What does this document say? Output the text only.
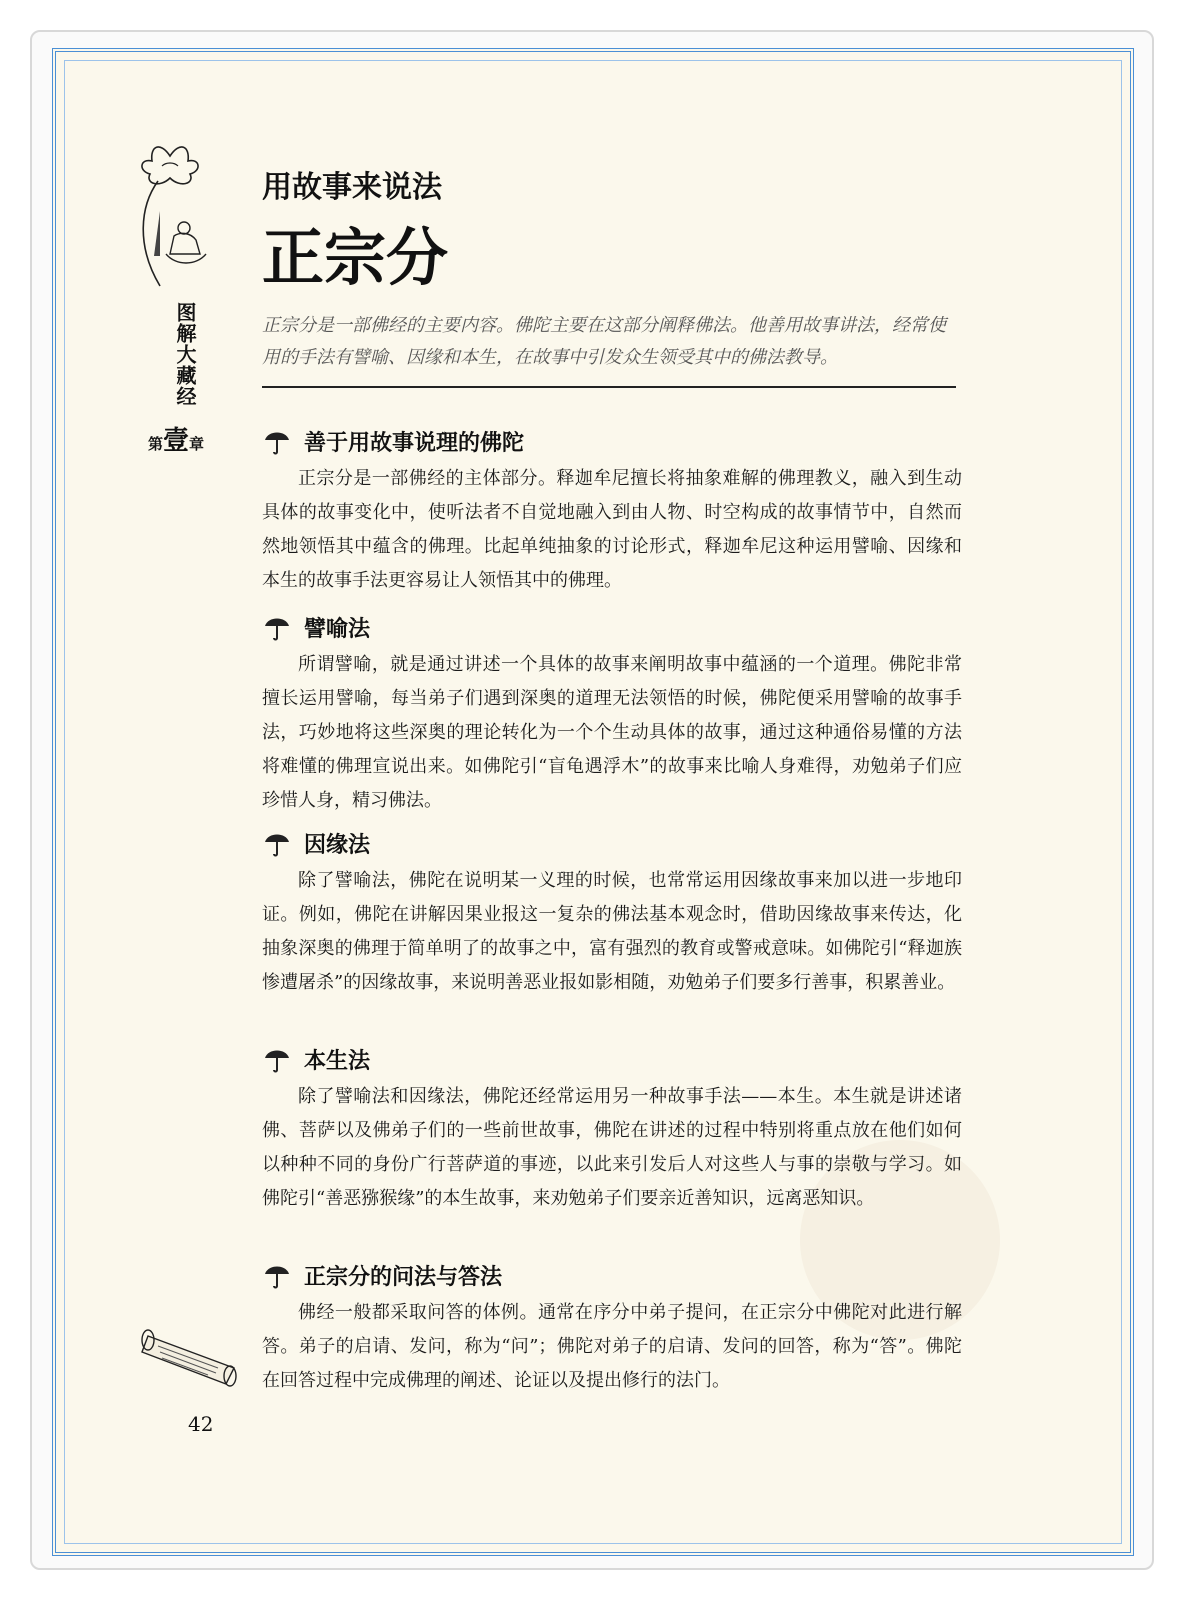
图解大藏经
第壹章
用故事来说法
正宗分
正宗分是一部佛经的主要内容。佛陀主要在这部分阐释佛法。他善用故事讲法，经常使用的手法有譬喻、因缘和本生，在故事中引发众生领受其中的佛法教导。
善于用故事说理的佛陀

正宗分是一部佛经的主体部分。释迦牟尼擅长将抽象难解的佛理教义，融入到生动具体的故事变化中，使听法者不自觉地融入到由人物、时空构成的故事情节中，自然而然地领悟其中蕴含的佛理。比起单纯抽象的讨论形式，释迦牟尼这种运用譬喻、因缘和本生的故事手法更容易让人领悟其中的佛理。

譬喻法

所谓譬喻，就是通过讲述一个具体的故事来阐明故事中蕴涵的一个道理。佛陀非常擅长运用譬喻，每当弟子们遇到深奥的道理无法领悟的时候，佛陀便采用譬喻的故事手法，巧妙地将这些深奥的理论转化为一个个生动具体的故事，通过这种通俗易懂的方法将难懂的佛理宣说出来。如佛陀引“盲龟遇浮木”的故事来比喻人身难得，劝勉弟子们应珍惜人身，精习佛法。

因缘法

除了譬喻法，佛陀在说明某一义理的时候，也常常运用因缘故事来加以进一步地印证。例如，佛陀在讲解因果业报这一复杂的佛法基本观念时，借助因缘故事来传达，化抽象深奥的佛理于简单明了的故事之中，富有强烈的教育或警戒意味。如佛陀引“释迦族惨遭屠杀”的因缘故事，来说明善恶业报如影相随，劝勉弟子们要多行善事，积累善业。

本生法

除了譬喻法和因缘法，佛陀还经常运用另一种故事手法——本生。本生就是讲述诸佛、菩萨以及佛弟子们的一些前世故事，佛陀在讲述的过程中特别将重点放在他们如何以种种不同的身份广行菩萨道的事迹，以此来引发后人对这些人与事的崇敬与学习。如佛陀引“善恶猕猴缘”的本生故事，来劝勉弟子们要亲近善知识，远离恶知识。

正宗分的问法与答法

佛经一般都采取问答的体例。通常在序分中弟子提问，在正宗分中佛陀对此进行解答。弟子的启请、发问，称为“问”；佛陀对弟子的启请、发问的回答，称为“答”。佛陀在回答过程中完成佛理的阐述、论证以及提出修行的法门。

42
